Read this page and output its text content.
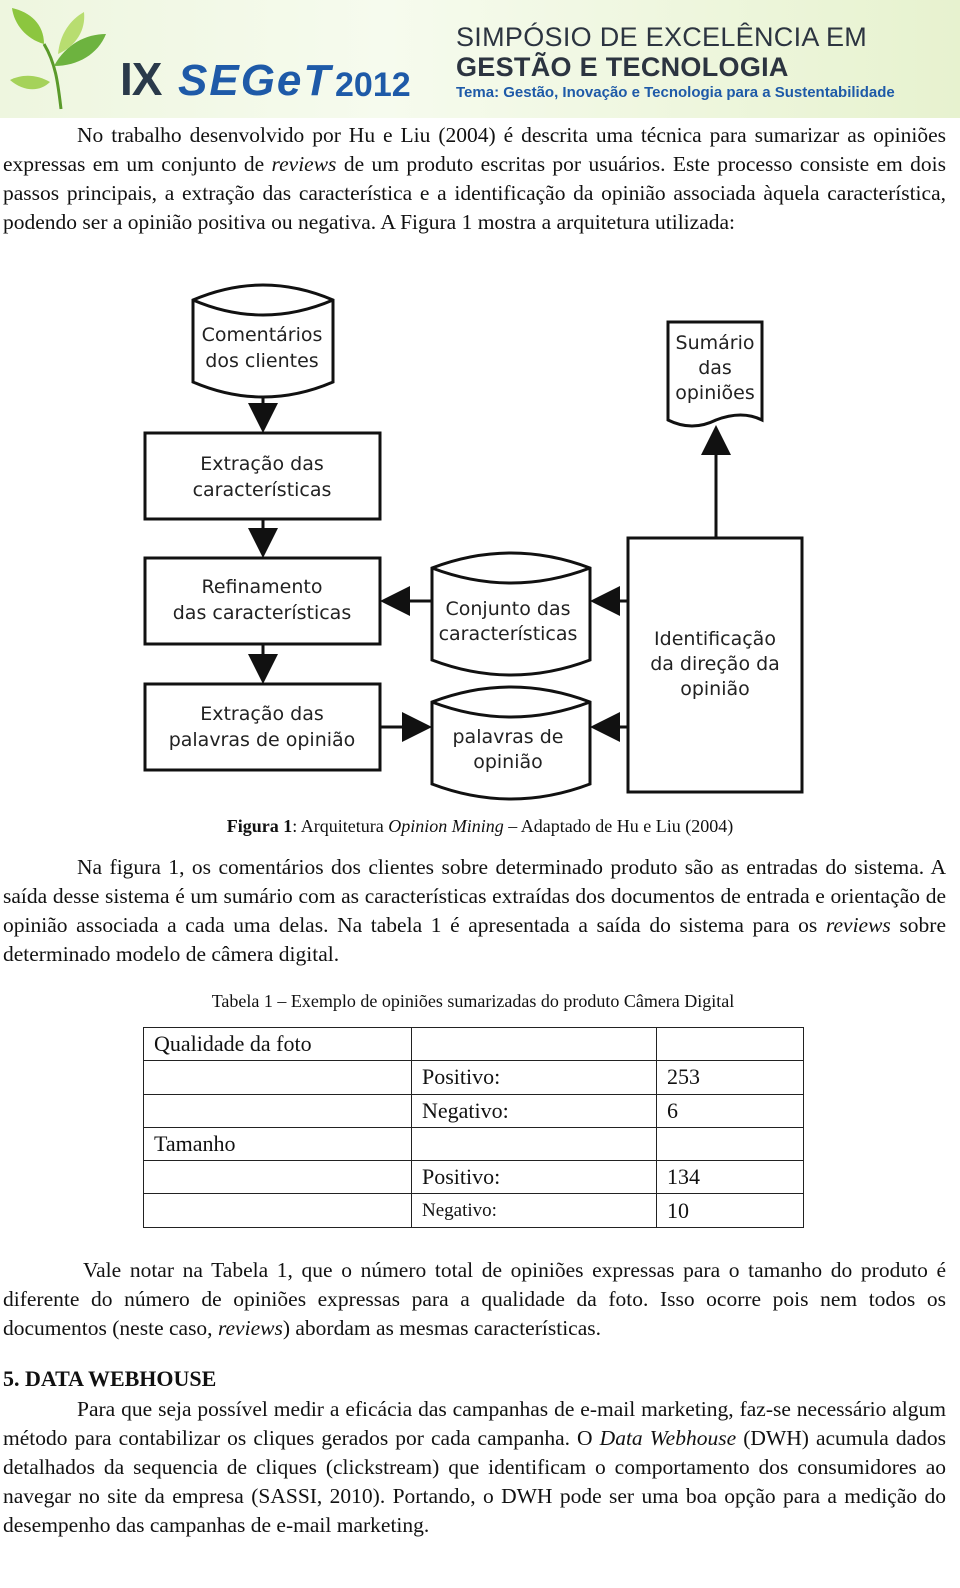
IX SEGeT 2012
SIMPÓSIO DE EXCELÊNCIA EM
GESTÃO E TECNOLOGIA
Tema: Gestão, Inovação e Tecnologia para a Sustentabilidade

No trabalho desenvolvido por Hu e Liu (2004) é descrita uma técnica para sumarizar as opiniões expressas em um conjunto de reviews de um produto escritas por usuários. Este processo consiste em dois passos principais, a extração das característica e a identificação da opinião associada àquela característica, podendo ser a opinião positiva ou negativa. A Figura 1 mostra a arquitetura utilizada:

Comentários
dos clientes
Sumário
das
opiniões
Extração das
características
Refinamento
das características	Conjunto das
características	Identificação
da direção da
opinião
Extração das
palavras de opinião	palavras de
opinião
Figura 1: Arquitetura Opinion Mining – Adaptado de Hu e Liu (2004)

Na figura 1, os comentários dos clientes sobre determinado produto são as entradas do sistema. A saída desse sistema é um sumário com as características extraídas dos documentos de entrada e orientação de opinião associada a cada uma delas. Na tabela 1 é apresentada a saída do sistema para os reviews sobre determinado modelo de câmera digital.

Tabela 1 – Exemplo de opiniões sumarizadas do produto Câmera Digital
Qualidade da foto		
	Positivo:	253
	Negativo:	6
Tamanho		
	Positivo:	134
	Negativo:	10

Vale notar na Tabela 1, que o número total de opiniões expressas para o tamanho do produto é diferente do número de opiniões expressas para a qualidade da foto. Isso ocorre pois nem todos os documentos (neste caso, reviews) abordam as mesmas características.

5. DATA WEBHOUSE

Para que seja possível medir a eficácia das campanhas de e-mail marketing, faz-se necessário algum método para contabilizar os cliques gerados por cada campanha. O Data Webhouse (DWH) acumula dados detalhados da sequencia de cliques (clickstream) que identificam o comportamento dos consumidores ao navegar no site da empresa (SASSI, 2010). Portando, o DWH pode ser uma boa opção para a medição do desempenho das campanhas de e-mail marketing.
